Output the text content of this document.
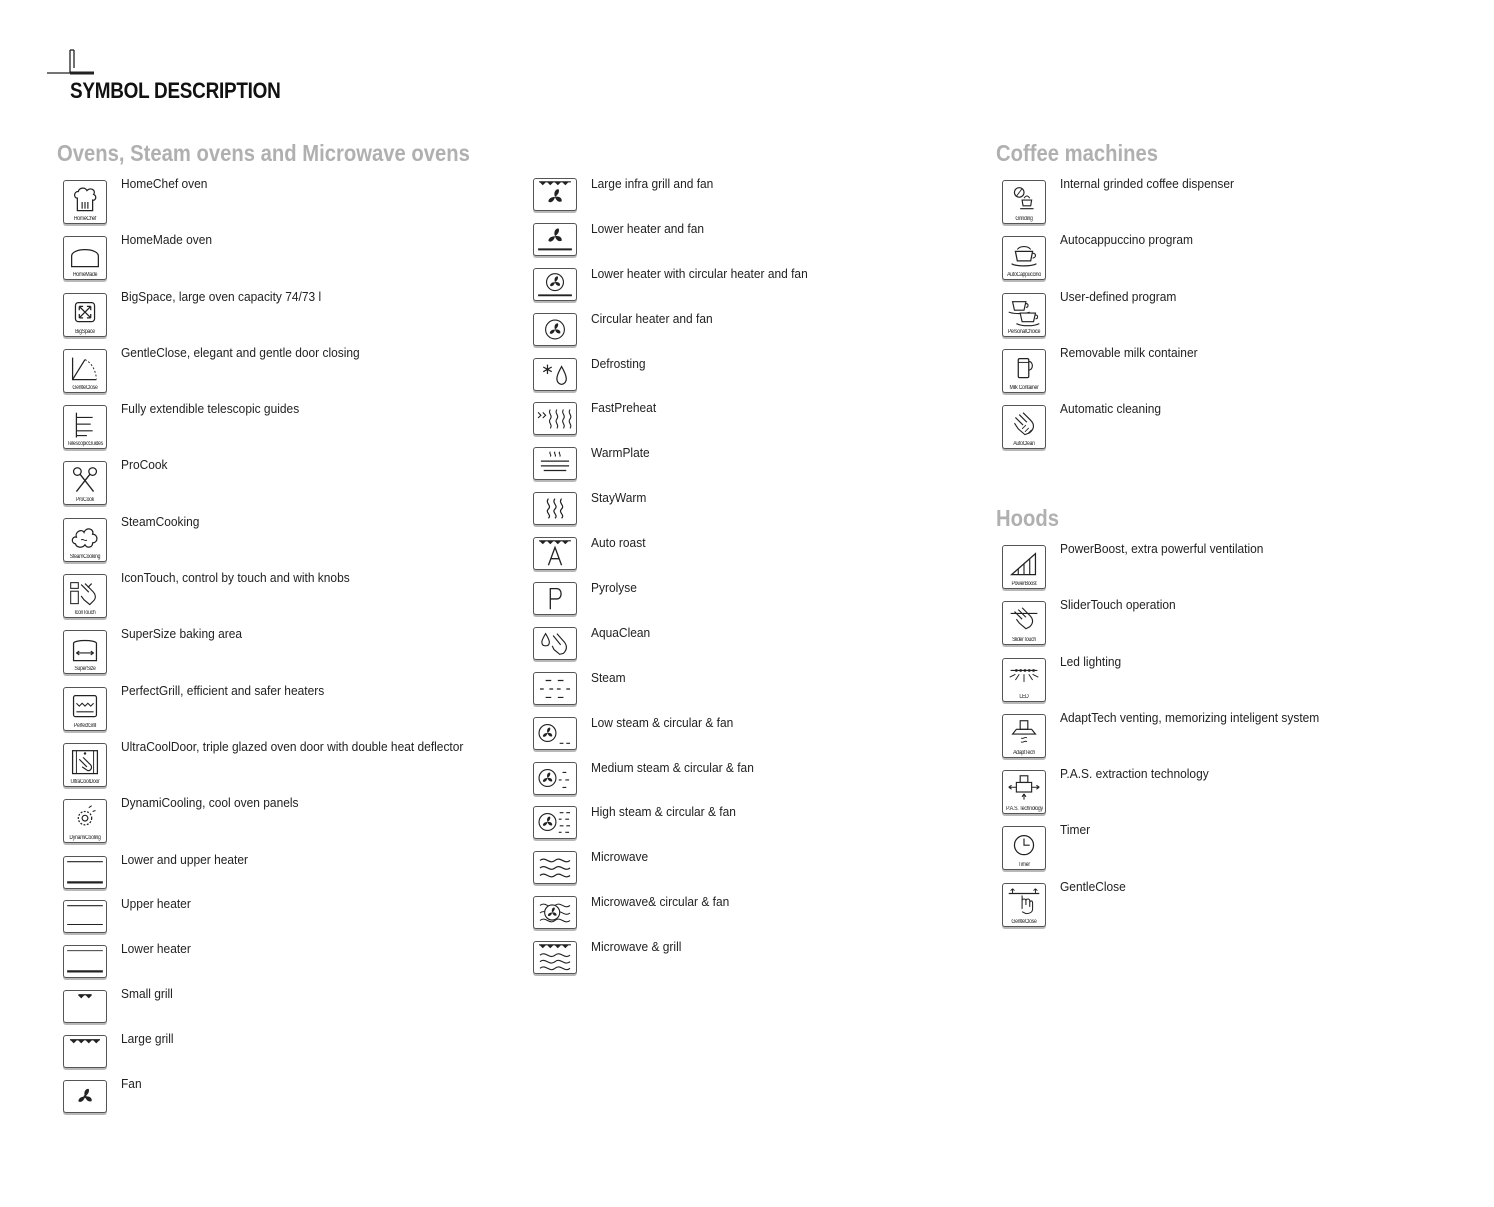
SYMBOL DESCRIPTION
Ovens, Steam ovens and Microwave ovens
HomeChef
HomeChef oven
HomeMade
HomeMade oven
BigSpace
BigSpace, large oven capacity 74/73 l
GentleClose
GentleClose, elegant and gentle door closing
TelescopicGuides
Fully extendible telescopic guides
ProCook
ProCook
SteamCooking
SteamCooking
IconTouch
IconTouch, control by touch and with knobs
SuperSize
SuperSize baking area
PerfectGrill
PerfectGrill, efficient and safer heaters
UltraCoolDoor
UltraCoolDoor, triple glazed oven door with double heat deflector
DynamiCooling
DynamiCooling, cool oven panels
Lower and upper heater
Upper heater
Lower heater
Small grill
Large grill
Fan
Large infra grill and fan
Lower heater and fan
Lower heater with circular heater and fan
Circular heater and fan
Defrosting
FastPreheat
WarmPlate
StayWarm
Auto roast
Pyrolyse
AquaClean
Steam
Low steam & circular & fan
Medium steam & circular & fan
High steam & circular & fan
Microwave
Microwave& circular & fan
Microwave & grill
Coffee machines
Grinding
Internal grinded coffee dispenser
AutoCappuccino
Autocappuccino program
PersonalChoice
User-defined program
Milk Container
Removable milk container
AutoClean
Automatic cleaning
Hoods
PowerBoost
PowerBoost, extra powerful ventilation
SliderTouch
SliderTouch operation
LED
Led lighting
AdaptTech
AdaptTech venting, memorizing inteligent system
P.A.S. Technology
P.A.S. extraction technology
Timer
Timer
GentleClose
GentleClose
